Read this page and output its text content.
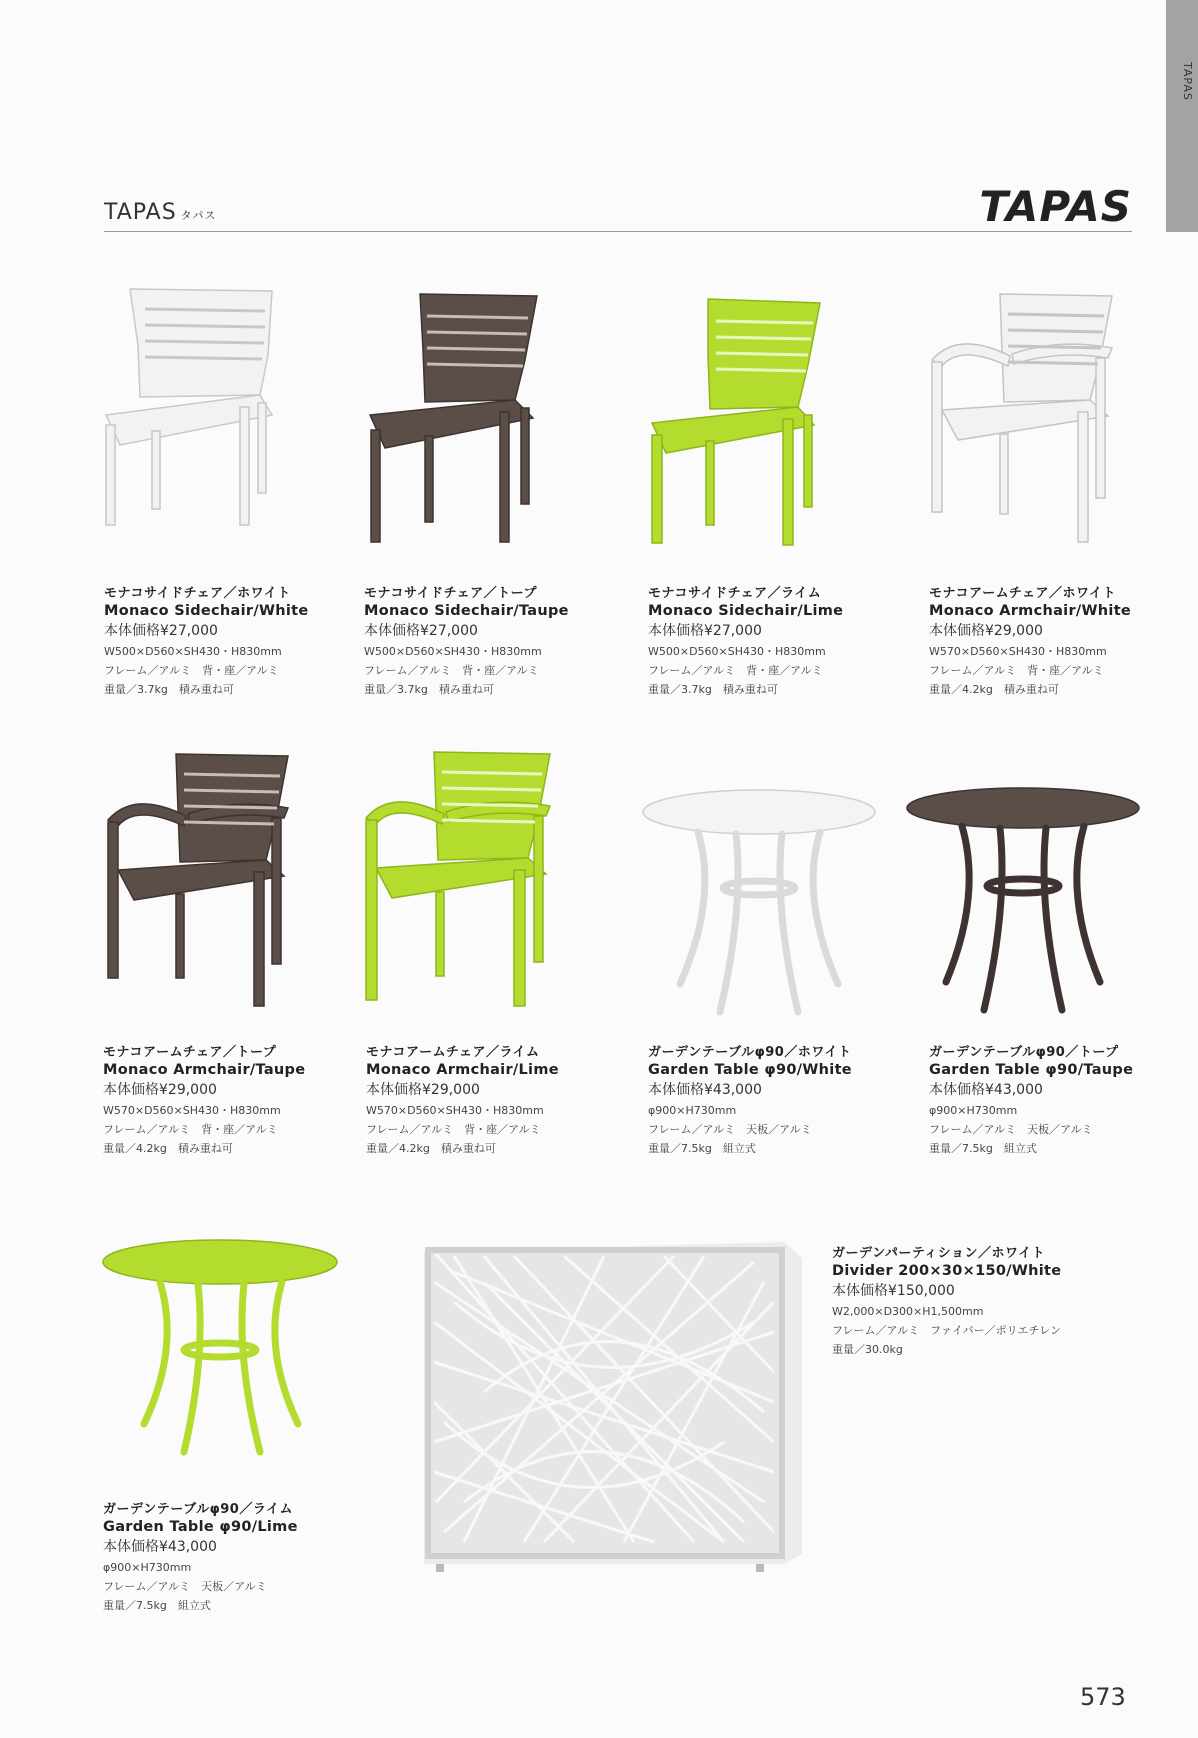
TAPAS
TAPAS タパス	TAPAS
モナコサイドチェア／ホワイト
Monaco Sidechair/White
本体価格¥27,000
W500×D560×SH430・H830mm
フレーム／アルミ　背・座／アルミ
重量／3.7kg　積み重ね可
モナコサイドチェア／トープ
Monaco Sidechair/Taupe
本体価格¥27,000
W500×D560×SH430・H830mm
フレーム／アルミ　背・座／アルミ
重量／3.7kg　積み重ね可
モナコサイドチェア／ライム
Monaco Sidechair/Lime
本体価格¥27,000
W500×D560×SH430・H830mm
フレーム／アルミ　背・座／アルミ
重量／3.7kg　積み重ね可
モナコアームチェア／ホワイト
Monaco Armchair/White
本体価格¥29,000
W570×D560×SH430・H830mm
フレーム／アルミ　背・座／アルミ
重量／4.2kg　積み重ね可
モナコアームチェア／トープ
Monaco Armchair/Taupe
本体価格¥29,000
W570×D560×SH430・H830mm
フレーム／アルミ　背・座／アルミ
重量／4.2kg　積み重ね可
モナコアームチェア／ライム
Monaco Armchair/Lime
本体価格¥29,000
W570×D560×SH430・H830mm
フレーム／アルミ　背・座／アルミ
重量／4.2kg　積み重ね可
ガーデンテーブルφ90／ホワイト
Garden Table φ90/White
本体価格¥43,000
φ900×H730mm
フレーム／アルミ　天板／アルミ
重量／7.5kg　組立式
ガーデンテーブルφ90／トープ
Garden Table φ90/Taupe
本体価格¥43,000
φ900×H730mm
フレーム／アルミ　天板／アルミ
重量／7.5kg　組立式
ガーデンテーブルφ90／ライム
Garden Table φ90/Lime
本体価格¥43,000
φ900×H730mm
フレーム／アルミ　天板／アルミ
重量／7.5kg　組立式
ガーデンパーティション／ホワイト
Divider 200×30×150/White
本体価格¥150,000
W2,000×D300×H1,500mm
フレーム／アルミ　ファイバー／ポリエチレン
重量／30.0kg
573
